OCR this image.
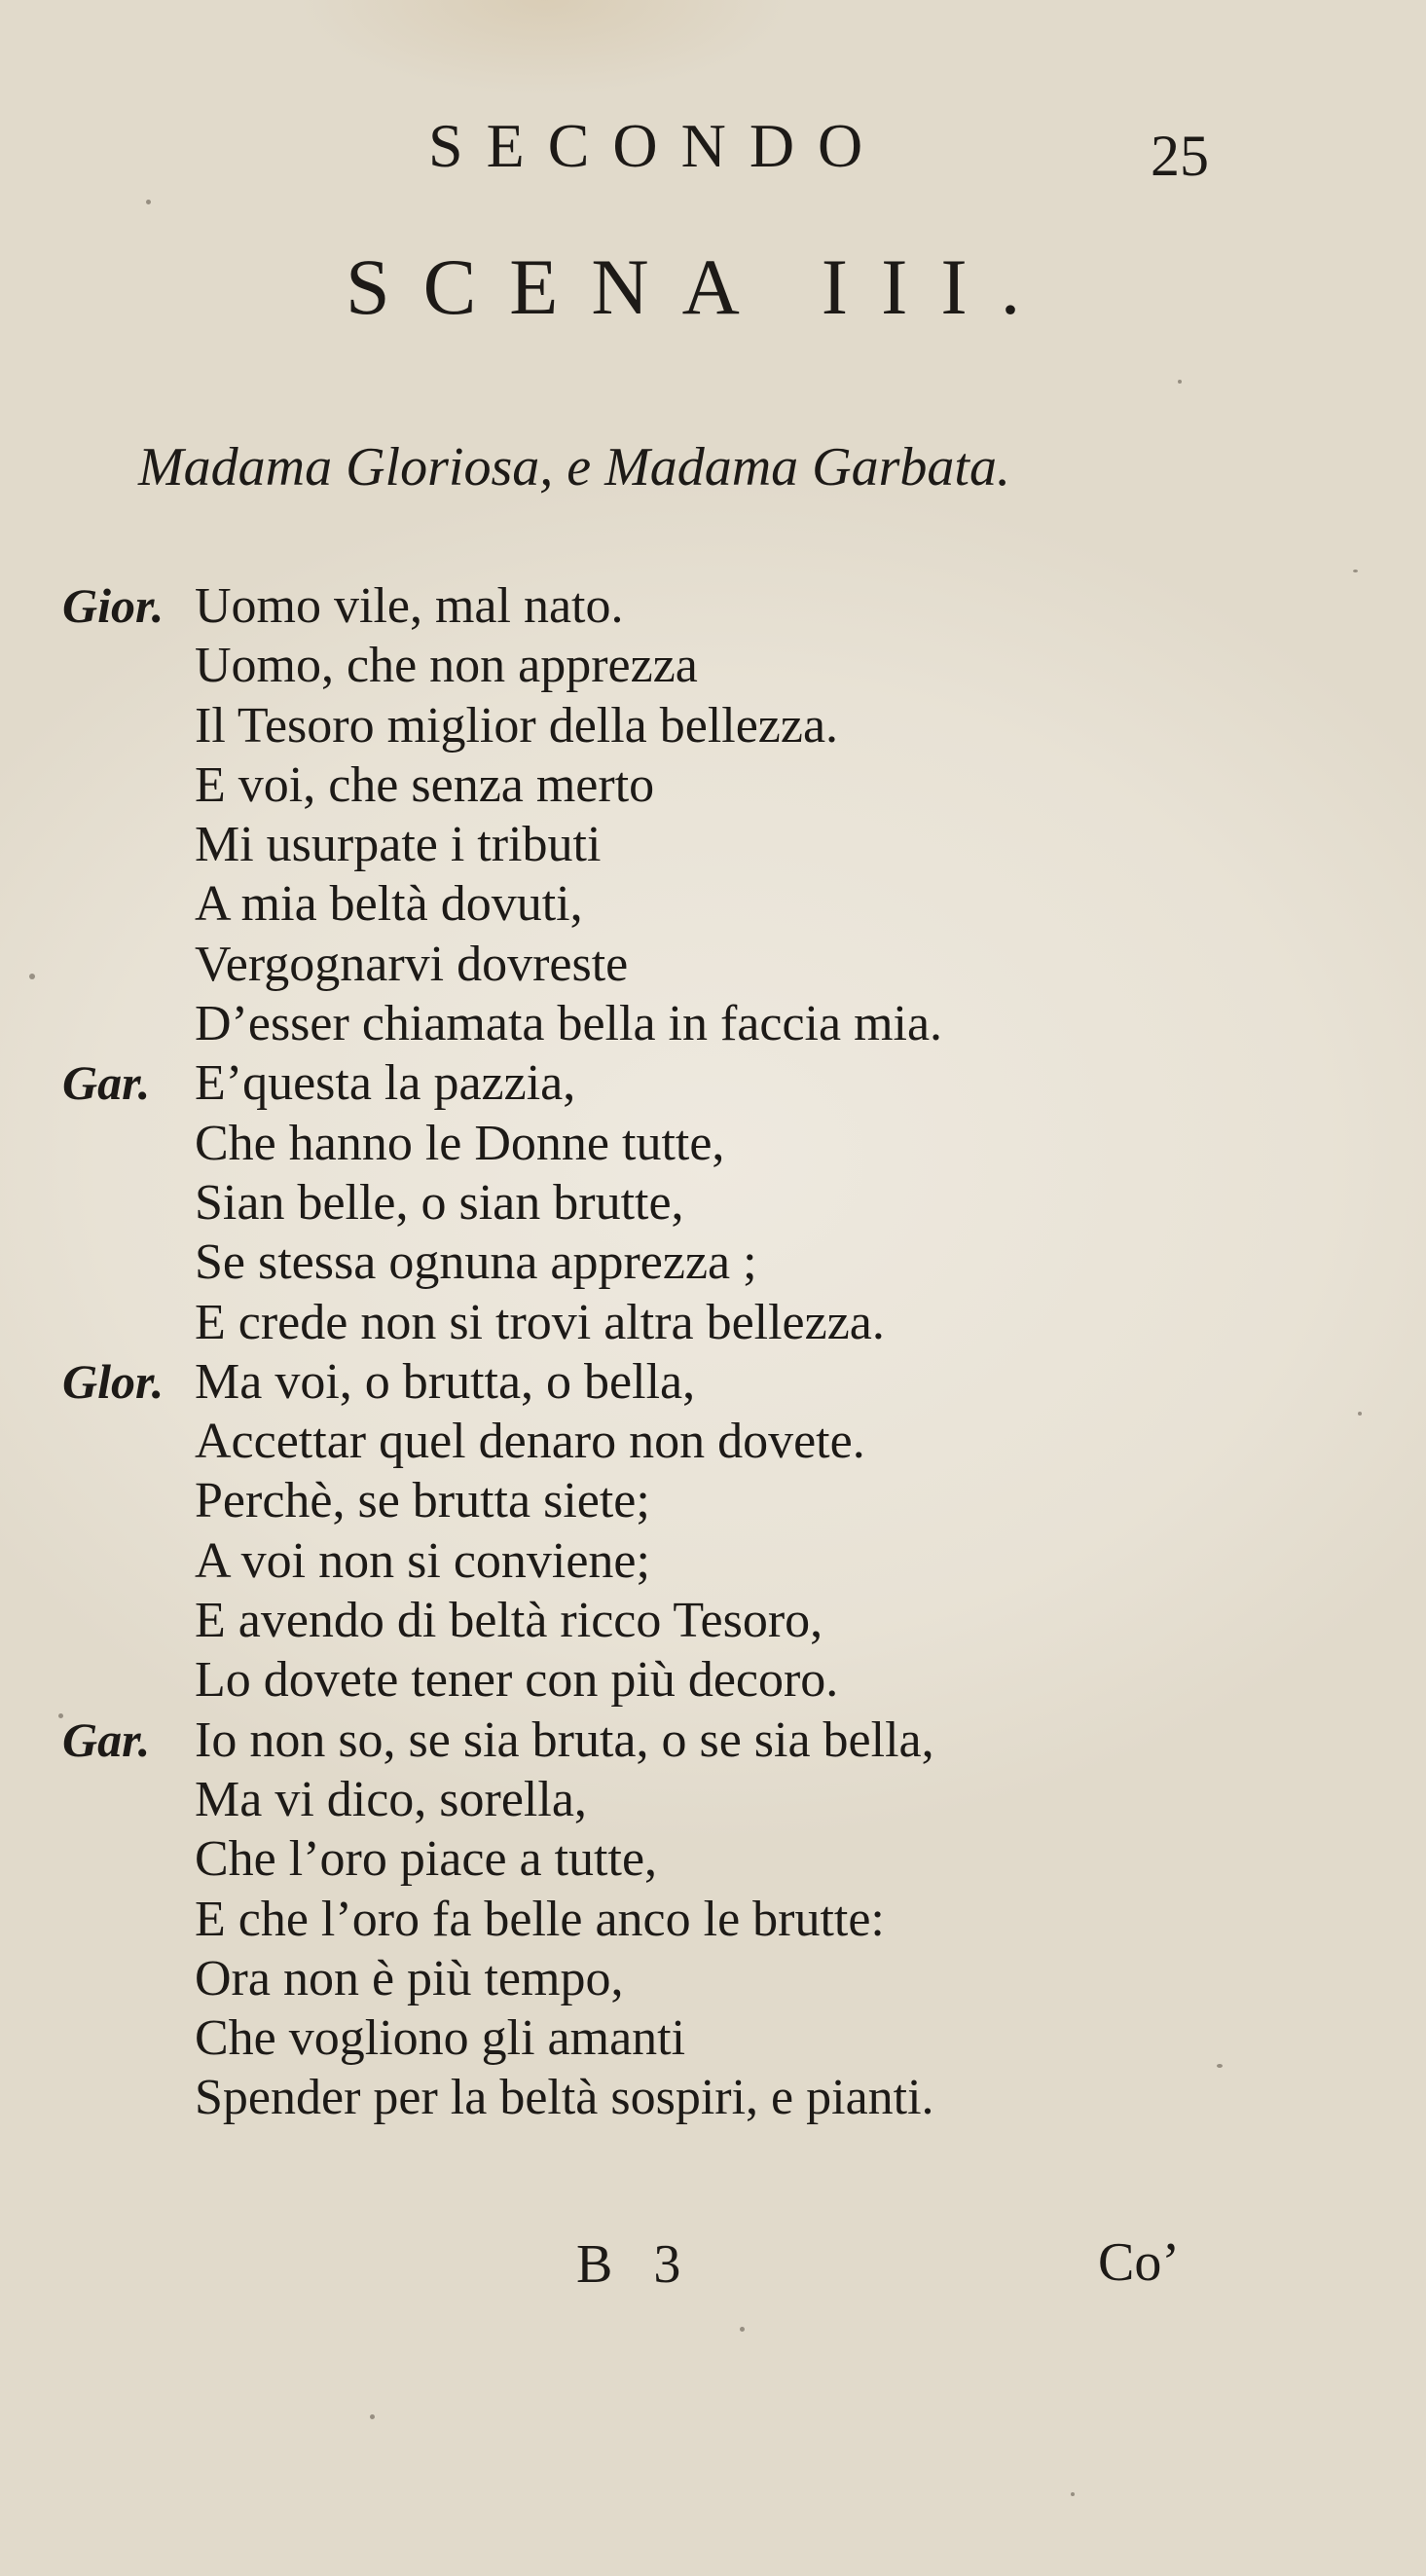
SECONDO	25
SCENA III.
Madama Gloriosa, e Madama Garbata.
Gior. Uomo vile, mal nato.
Uomo, che non apprezza
Il Tesoro miglior della bellezza.
E voi, che senza merto
Mi usurpate i tributi
A mia beltà dovuti,
Vergognarvi dovreste
D’esser chiamata bella in faccia mia.
Gar. E’questa la pazzia,
Che hanno le Donne tutte,
Sian belle, o sian brutte,
Se stessa ognuna apprezza ;
E crede non si trovi altra bellezza.
Glor. Ma voi, o brutta, o bella,
Accettar quel denaro non dovete.
Perchè, se brutta siete;
A voi non si conviene;
E avendo di beltà ricco Tesoro,
Lo dovete tener con più decoro.
Gar. Io non so, se sia bruta, o se sia bella,
Ma vi dico, sorella,
Che l’oro piace a tutte,
E che l’oro fa belle anco le brutte:
Ora non è più tempo,
Che vogliono gli amanti
Spender per la beltà sospiri, e pianti.
B 3	Co’
